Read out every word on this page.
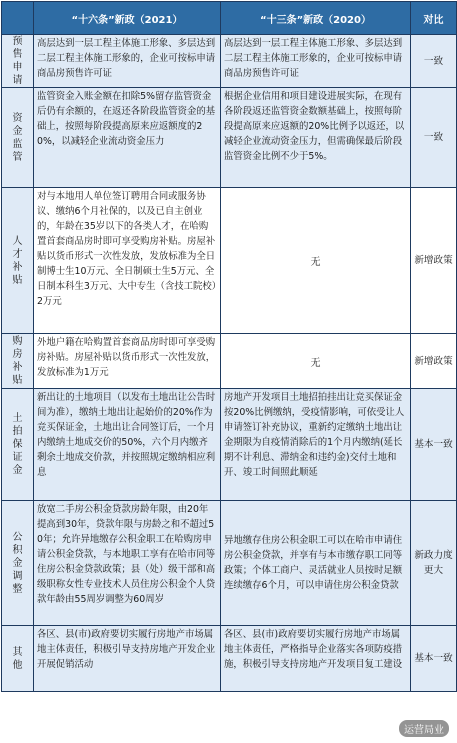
	“十六条”新政（2021）	“十三条”新政（2020）	对比

预
售
申
请	高层达到一层工程主体施工形象、多层达到二层工程主体施工形象的，企业可按标申请商品房预售许可证	高层达到一层工程主体施工形象、多层达到二层工程主体施工形象的，企业可按标申请商品房预售许可证	一致

资
金
监
管	监管资金入账金额在扣除5%留存监管资金后仍有余额的，在返还各阶段监管资金的基础上，按照每阶段提高原来应返额度的20%，以减轻企业流动资金压力	根据企业信用和项目建设进展实际，在现有各阶段返还监管资金数额基础上，按照每阶段提高原来应返额的20%比例予以返还，以减轻企业流动资金压力，但需确保最后阶段监管资金比例不少于5%。	一致

人
才
补
贴	对与本地用人单位签订聘用合同或服务协议、缴纳6个月社保的，以及已自主创业的，年龄在35岁以下的各类人才，在哈购置首套商品房时即可享受购房补贴。房屋补贴以货币形式一次性发放，发放标准为全日制博士生10万元、全日制硕士生5万元、全日制本科生3万元、大中专生（含技工院校）2万元	无	新增政策

购
房
补
贴	外地户籍在哈购置首套商品房时即可享受购房补贴。房屋补贴以货币形式一次性发放，发放标准为1万元	无	新增政策

土
拍
保
证
金	新出让的土地项目（以发布土地出让公告时间为准），缴纳土地出让起始价的20%作为竞买保证金，土地出让合同签订后，一个月内缴纳土地成交价的50%，六个月内缴齐剩余土地成交价款，并按照规定缴纳相应利息	房地产开发项目土地招拍挂出让竞买保证金按20%比例缴纳，受疫情影响，可依受让人申请签订补充协议，重新约定缴纳土地出让金期限为自疫情消除后的1个月内缴纳(延长期不计利息、滞纳金和违约金)交付土地和开、竣工时间照此顺延	基本一致

公
积
金
调
整	放宽二手房公积金贷款房龄年限，由20年提高到30年，贷款年限与房龄之和不超过50年；允许异地缴存公积金职工在哈购房申请公积金贷款，与本地职工享有在哈市同等住房公积金贷款政策；县（处）级干部和高级职称女性专业技术人员住房公积金个人贷款年龄由55周岁调整为60周岁	异地缴存住房公积金职工可以在哈市申请住房公积金贷款，并享有与本市缴存职工同等政策；个体工商户、灵活就业人员按时足额连续缴存6个月，可以申请住房公积金贷款	新政力度更大

其
他	各区、县(市)政府要切实履行房地产市场属地主体责任，积极引导支持房地产开发企业开展促销活动	各区、县(市)政府要切实履行房地产市场属地主体责任，严格指导企业落实各项防疫措施，积极引导支持房地产开发项目复工建设	基本一致
运营局业
